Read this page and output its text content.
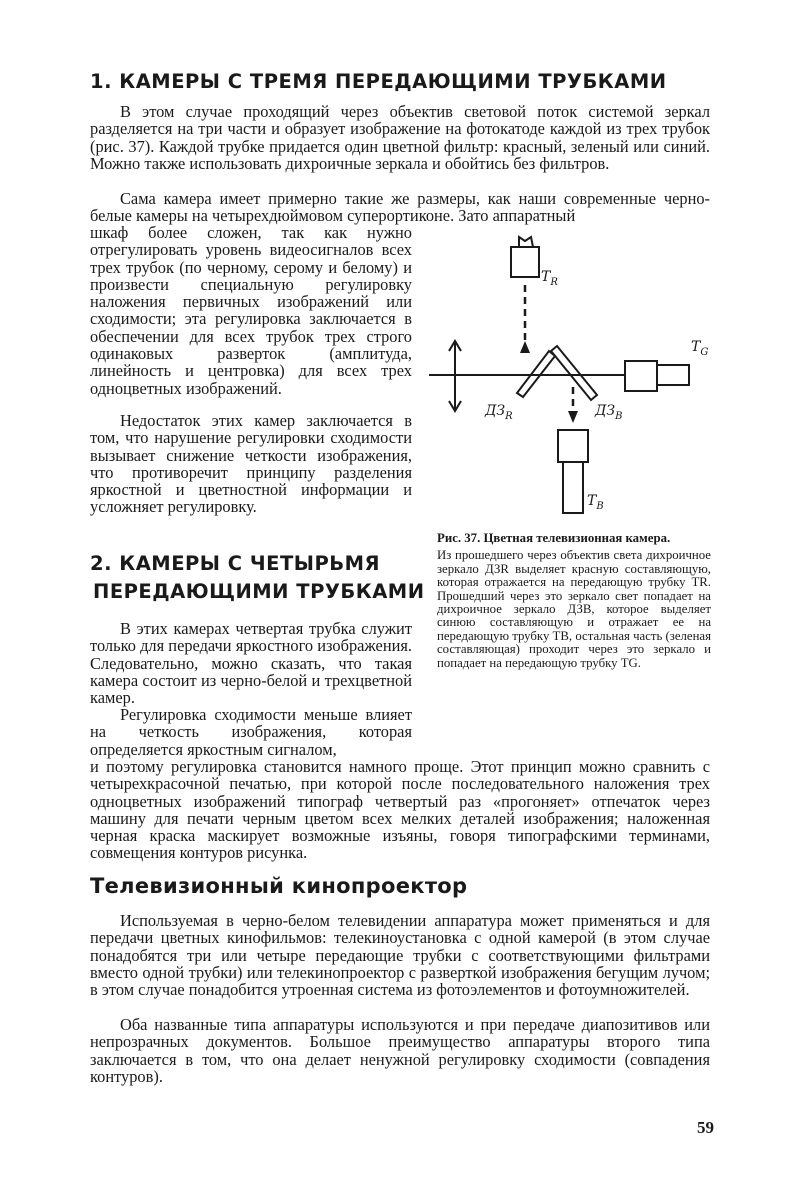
1. КАМЕРЫ С ТРЕМЯ ПЕРЕДАЮЩИМИ ТРУБКАМИ

В этом случае проходящий через объектив световой поток системой зеркал разделяется на три части и образует изображение на фотокатоде каждой из трех трубок (рис. 37). Каждой трубке придается один цветной фильтр: красный, зеленый или синий. Можно также использовать дихроичные зеркала и обойтись без фильтров.

Сама камера имеет примерно такие же размеры, как наши современные черно-белые камеры на четырехдюймовом суперортиконе. Зато аппаратный

шкаф более сложен, так как нужно отрегулировать уровень видеосигналов всех трех трубок (по черному, серому и белому) и произвести специальную регулировку наложения первичных изображений или сходимости; эта регулировка заключается в обеспечении для всех трубок трех строго одинаковых разверток (амплитуда, линейность и центровка) для всех трех одноцветных изображений.

Недостаток этих камер заключается в том, что нарушение регулировки сходимости вызывает снижение четкости изображения, что противоречит принципу разделения яркостной и цветностной информации и усложняет регулировку.

$T_R$
$T_G$
$T_B$
$ДЗ_R$	$ДЗ_B$

Рис. 37. Цветная телевизионная камера.

Из прошедшего через объектив света дихроичное зеркало ДЗR выделяет красную составляющую, которая отражается на передающую трубку TR. Прошедший через это зеркало свет попадает на дихроичное зеркало ДЗB, которое выделяет синюю составляющую и отражает ее на передающую трубку TB, остальная часть (зеленая составляющая) проходит через это зеркало и попадает на передающую трубку TG.

2. КАМЕРЫ С ЧЕТЫРЬМЯ
ПЕРЕДАЮЩИМИ ТРУБКАМИ

В этих камерах четвертая трубка служит только для передачи яркостного изображения. Следовательно, можно сказать, что такая камера состоит из черно-белой и трехцветной камер.

Регулировка сходимости меньше влияет на четкость изображения, которая определяется яркостным сигналом,

и поэтому регулировка становится намного проще. Этот принцип можно сравнить с четырехкрасочной печатью, при которой после последовательного наложения трех одноцветных изображений типограф четвертый раз «прогоняет» отпечаток через машину для печати черным цветом всех мелких деталей изображения; наложенная черная краска маскирует возможные изъяны, говоря типографскими терминами, совмещения контуров рисунка.

Телевизионный кинопроектор

Используемая в черно-белом телевидении аппаратура может применяться и для передачи цветных кинофильмов: телекиноустановка с одной камерой (в этом случае понадобятся три или четыре передающие трубки с соответствующими фильтрами вместо одной трубки) или телекинопроектор с разверткой изображения бегущим лучом; в этом случае понадобится утроенная система из фотоэлементов и фотоумножителей.

Оба названные типа аппаратуры используются и при передаче диапозитивов или непрозрачных документов. Большое преимущество аппаратуры второго типа заключается в том, что она делает ненужной регулировку сходимости (совпадения контуров).

59
